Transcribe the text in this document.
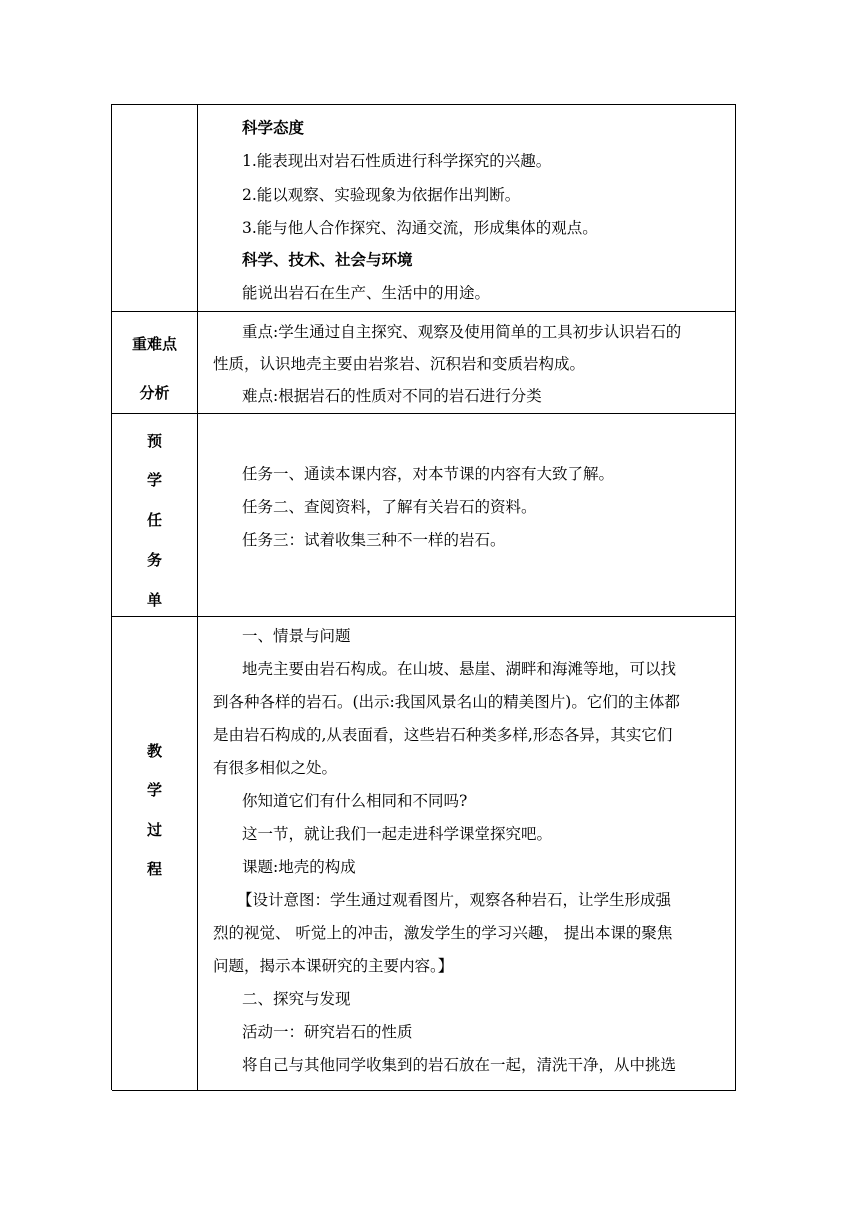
科学态度
1.能表现出对岩石性质进行科学探究的兴趣。
2.能以观察、实验现象为依据作出判断。
3.能与他人合作探究、沟通交流，形成集体的观点。
科学、技术、社会与环境
能说出岩石在生产、生活中的用途。
重难点
分析
重点:学生通过自主探究、观察及使用简单的工具初步认识岩石的
性质，认识地壳主要由岩浆岩、沉积岩和变质岩构成。
难点:根据岩石的性质对不同的岩石进行分类
预
学
任
务
单
任务一、通读本课内容，对本节课的内容有大致了解。
任务二、查阅资料，了解有关岩石的资料。
任务三：试着收集三种不一样的岩石。
教
学
过
程
一、情景与问题
地壳主要由岩石构成。在山坡、悬崖、湖畔和海滩等地，可以找
到各种各样的岩石。(出示:我国风景名山的精美图片)。它们的主体都
是由岩石构成的,从表面看，这些岩石种类多样,形态各异，其实它们
有很多相似之处。
你知道它们有什么相同和不同吗?
这一节，就让我们一起走进科学课堂探究吧。
课题:地壳的构成
【设计意图：学生通过观看图片，观察各种岩石，让学生形成强
烈的视觉、 听觉上的冲击，激发学生的学习兴趣， 提出本课的聚焦
问题，揭示本课研究的主要内容。】
二、探究与发现
活动一：研究岩石的性质
将自己与其他同学收集到的岩石放在一起，清洗干净，从中挑选
